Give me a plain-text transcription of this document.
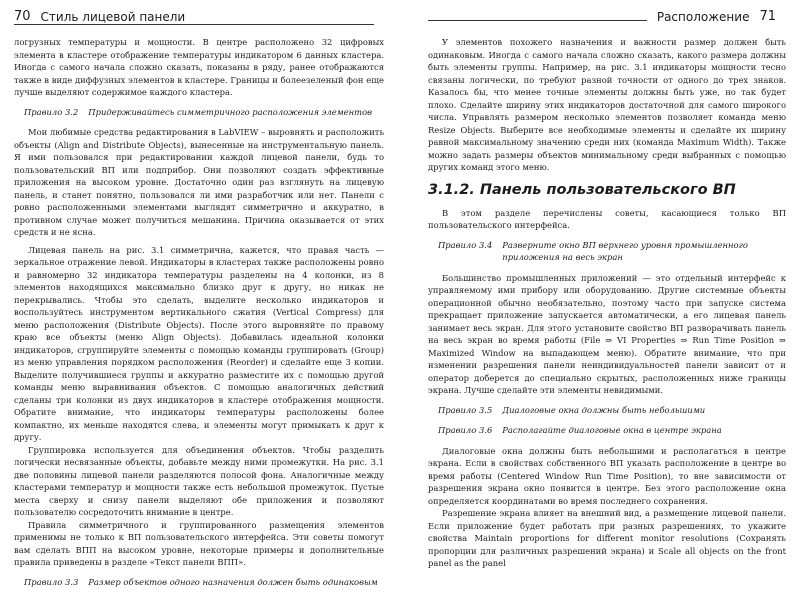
70 Стиль лицевой панели

логрузных температуры и мощности. В центре расположено 32 цифровых элемента в кластере отображение температуры индикатором 6 данных кластера. Иногда с самого начала сложно сказать, показаны в ряду, ранее отображаются также в виде диффузных элементов в кластере. Границы и болеезеленый фон еще лучше выделяют содержимое каждого кластера.

Правило 3.2 Придерживайтесь симметричного расположения элементов

Мои любимые средства редактирования в LabVIEW – выровнять и расположить объекты (Align and Distribute Objects), вынесенные на инструментальную панель. Я ими пользовался при редактировании каждой лицевой панели, будь то пользовательский ВП или подприбор. Они позволяют создать эффективные приложения на высоком уровне. Достаточно один раз взглянуть на лицевую панель, и станет понятно, пользовался ли ими разработчик или нет. Панели с ровно расположенными элементами выглядят симметрично и аккуратно, в противном случае может получиться мешанина. Причина оказывается от этих средств и не ясна.

Лицевая панель на рис. 3.1 симметрична, кажется, что правая часть — зеркальное отражение левой. Индикаторы в кластерах также расположены ровно и равномерно 32 индикатора температуры разделены на 4 колонки, из 8 элементов находящихся максимально близко друг к другу, но никак не перекрывались. Чтобы это сделать, выделите несколько индикаторов и воспользуйтесь инструментом вертикального сжатия (Vertical Compress) для меню расположения (Distribute Objects). После этого выровняйте по правому краю все объекты (меню Align Objects). Добавилась идеальной колонки индикаторов, сгруппируйте элементы с помощью команды группировать (Group) из меню управления порядком расположения (Reorder) и сделайте еще 3 копии. Выделите получившиеся группы и аккуратно разместите их с помощью другой команды меню выравнивания объектов. С помощью аналогичных действий сделаны три колонки из двух индикаторов в кластере отображения мощности. Обратите внимание, что индикаторы температуры расположены более компактно, их меньше находятся слева, и элементы могут примыкать к друг к другу.

Группировка используется для объединения объектов. Чтобы разделить логически несвязанные объекты, добавьте между ними промежутки. На рис. 3.1 две половины лицевой панели разделяются полосой фона. Аналогичные между кластерами температур и мощности также есть небольшой промежуток. Пустые места сверху и снизу панели выделяют обе приложения и позволяют пользователю сосредоточить внимание в центре.

Правила симметричного и группированного размещения элементов применимы не только к ВП пользовательского интерфейса. Эти советы помогут вам сделать ВПП на высоком уровне, некоторые примеры и дополнительные правила приведены в разделе «Текст панели ВПП».

Правило 3.3 Размер объектов одного назначения должен быть одинаковым
Расположение 71

У элементов похожего назначения и важности размер должен быть одинаковым. Иногда с самого начала сложно сказать, какого размера должны быть элементы группы. Например, на рис. 3.1 индикаторы мощности тесно связаны логически, по требуют разной точности от одного до трех знаков. Казалось бы, что менее точные элементы должны быть уже, но так будет плохо. Сделайте ширину этих индикаторов достаточной для самого широкого числа. Управлять размером несколько элементов позволяет команда меню Resize Objects. Выберите все необходимые элементы и сделайте их ширину равной максимальному значению среди них (команда Maximum Width). Также можно задать размеры объектов минимальному среди выбранных с помощью других команд этого меню.

3.1.2. Панель пользовательского ВП

В этом разделе перечислены советы, касающиеся только ВП пользовательского интерфейса.

Правило 3.4 Разверните окно ВП верхнего уровня промышленного приложения на весь экран

Большинство промышленных приложений — это отдельный интерфейс к управляемому ими прибору или оборудованию. Другие системные объекты операционной обычно необязательно, поэтому часто при запуске система прекращает приложение запускается автоматически, а его лицевая панель занимает весь экран. Для этого установите свойство ВП разворачивать панель на весь экран во время работы (File ⇒ VI Properties ⇒ Run Time Position ⇒ Maximized Window на выпадающем меню). Обратите внимание, что при изменении разрешения панели неиндивидуальностей панели зависит от и оператор доберется до специально скрытых, расположенных ниже границы экрана. Лучше сделайте эти элементы невидимыми.

Правило 3.5 Диалоговые окна должны быть небольшими
Правило 3.6 Располагайте диалоговые окна в центре экрана

Диалоговые окна должны быть небольшими и располагаться в центре экрана. Если в свойствах собственного ВП указать расположение в центре во время работы (Centered Window Run Time Position), то вне зависимости от разрешения экрана окно появится в центре. Без этого расположение окна определяется координатами во время последнего сохранения.

Разрешение экрана влияет на внешний вид, а размещение лицевой панели. Если приложение будет работать при разных разрешениях, то укажите свойства Maintain proportions for different monitor resolutions (Сохранять пропорции для различных разрешений экрана) и Scale all objects on the front panel as the panel
